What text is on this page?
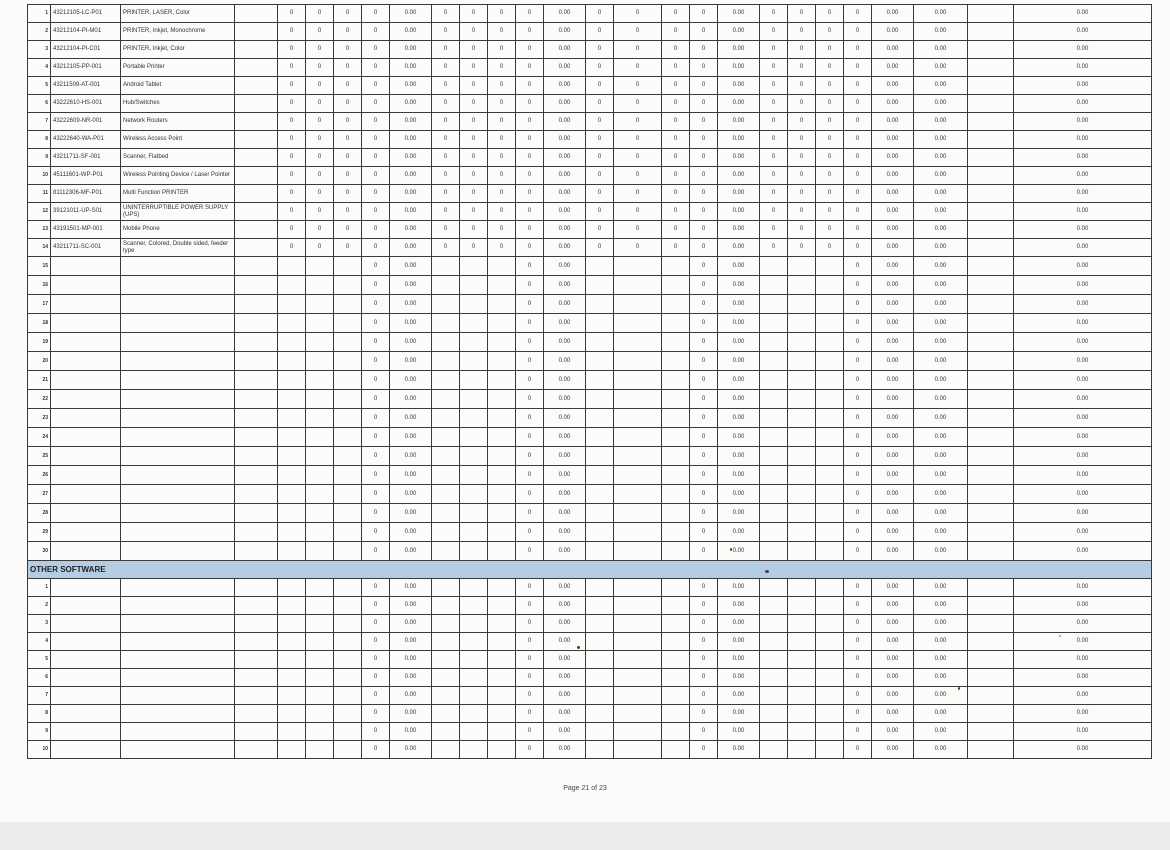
1	43212105-LC-P01	PRINTER, LASER, Color		0	0	0	0	0.00	0	0	0	0	0.00	0	0	0	0	0.00	0	0	0	0	0.00	0.00		0.00	
2	43212104-PI-M01	PRINTER, Inkjet, Monochrome		0	0	0	0	0.00	0	0	0	0	0.00	0	0	0	0	0.00	0	0	0	0	0.00	0.00		0.00	
3	43212104-PI-C01	PRINTER, Inkjet, Color		0	0	0	0	0.00	0	0	0	0	0.00	0	0	0	0	0.00	0	0	0	0	0.00	0.00		0.00	
4	43212105-PP-001	Portable Printer		0	0	0	0	0.00	0	0	0	0	0.00	0	0	0	0	0.00	0	0	0	0	0.00	0.00		0.00	
5	43211509-AT-001	Android Tablet		0	0	0	0	0.00	0	0	0	0	0.00	0	0	0	0	0.00	0	0	0	0	0.00	0.00		0.00	
6	43222610-HS-001	Hub/Switches		0	0	0	0	0.00	0	0	0	0	0.00	0	0	0	0	0.00	0	0	0	0	0.00	0.00		0.00	
7	43222609-NR-001	Network Routers		0	0	0	0	0.00	0	0	0	0	0.00	0	0	0	0	0.00	0	0	0	0	0.00	0.00		0.00	
8	43222640-WA-P01	Wireless Access Point		0	0	0	0	0.00	0	0	0	0	0.00	0	0	0	0	0.00	0	0	0	0	0.00	0.00		0.00	
9	43211711-SF-001	Scanner, Flatbed		0	0	0	0	0.00	0	0	0	0	0.00	0	0	0	0	0.00	0	0	0	0	0.00	0.00		0.00	
10	45111601-WP-P01	Wireless Pointing Device / Laser Pointer		0	0	0	0	0.00	0	0	0	0	0.00	0	0	0	0	0.00	0	0	0	0	0.00	0.00		0.00	
11	81112306-MF-P01	Multi Function PRINTER		0	0	0	0	0.00	0	0	0	0	0.00	0	0	0	0	0.00	0	0	0	0	0.00	0.00		0.00	
12	39121011-UP-S01	UNINTERRUPTIBLE POWER SUPPLY (UPS)		0	0	0	0	0.00	0	0	0	0	0.00	0	0	0	0	0.00	0	0	0	0	0.00	0.00		0.00	
13	43191501-MP-001	Mobile Phone		0	0	0	0	0.00	0	0	0	0	0.00	0	0	0	0	0.00	0	0	0	0	0.00	0.00		0.00	
14	43211711-SC-001	Scanner, Colored, Double sided, feeder type		0	0	0	0	0.00	0	0	0	0	0.00	0	0	0	0	0.00	0	0	0	0	0.00	0.00		0.00	
15							0	0.00				0	0.00				0	0.00				0	0.00	0.00		0.00	
16							0	0.00				0	0.00				0	0.00				0	0.00	0.00		0.00	
17							0	0.00				0	0.00				0	0.00				0	0.00	0.00		0.00	
18							0	0.00				0	0.00				0	0.00				0	0.00	0.00		0.00	
19							0	0.00				0	0.00				0	0.00				0	0.00	0.00		0.00	
20							0	0.00				0	0.00				0	0.00				0	0.00	0.00		0.00	
21							0	0.00				0	0.00				0	0.00				0	0.00	0.00		0.00	
22							0	0.00				0	0.00				0	0.00				0	0.00	0.00		0.00	
23							0	0.00				0	0.00				0	0.00				0	0.00	0.00		0.00	
24							0	0.00				0	0.00				0	0.00				0	0.00	0.00		0.00	
25							0	0.00				0	0.00				0	0.00				0	0.00	0.00		0.00	
26							0	0.00				0	0.00				0	0.00				0	0.00	0.00		0.00	
27							0	0.00				0	0.00				0	0.00				0	0.00	0.00		0.00	
28							0	0.00				0	0.00				0	0.00				0	0.00	0.00		0.00	
29							0	0.00				0	0.00				0	0.00				0	0.00	0.00		0.00	
30							0	0.00				0	0.00				0	0.00				0	0.00	0.00		0.00	
OTHER SOFTWARE																											
1							0	0.00				0	0.00				0	0.00				0	0.00	0.00		0.00	
2							0	0.00				0	0.00				0	0.00				0	0.00	0.00		0.00	
3							0	0.00				0	0.00				0	0.00				0	0.00	0.00		0.00	
4							0	0.00				0	0.00				0	0.00				0	0.00	0.00		0.00	
5							0	0.00				0	0.00				0	0.00				0	0.00	0.00		0.00	
6							0	0.00				0	0.00				0	0.00				0	0.00	0.00		0.00	
7							0	0.00				0	0.00				0	0.00				0	0.00	0.00		0.00	
8							0	0.00				0	0.00				0	0.00				0	0.00	0.00		0.00	
9							0	0.00				0	0.00				0	0.00				0	0.00	0.00		0.00	
10							0	0.00				0	0.00				0	0.00				0	0.00	0.00		0.00	
Page 21 of 23
